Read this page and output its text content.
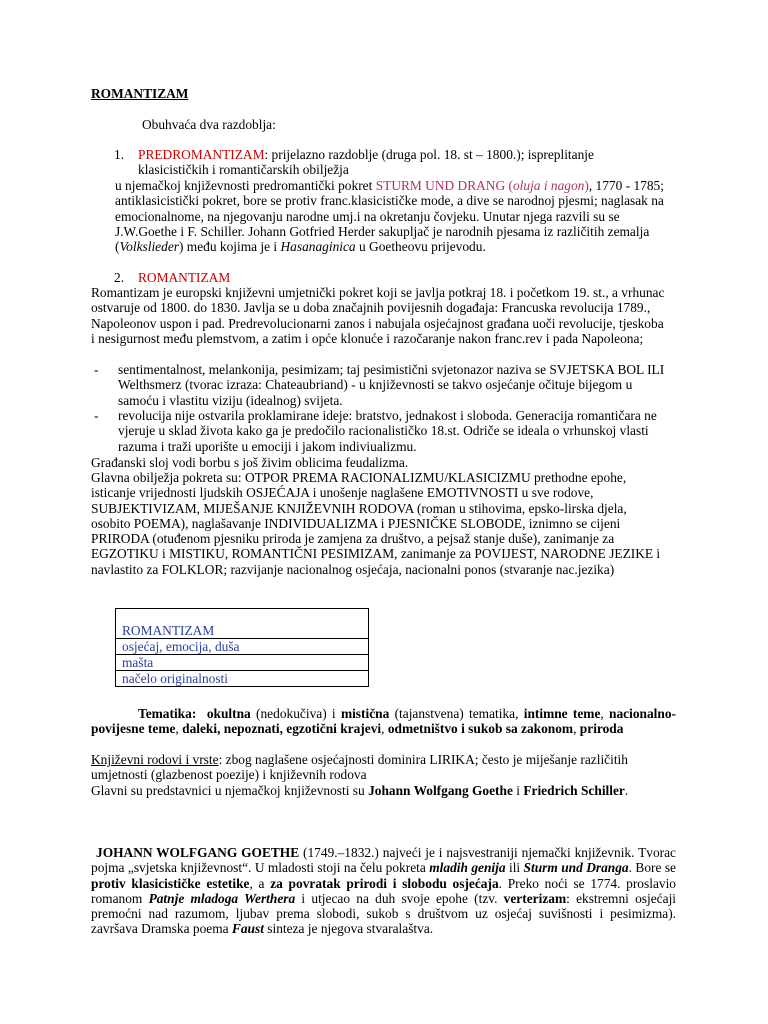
ROMANTIZAM
Obuhvaća dva razdoblja:
1. PREDROMANTIZAM: prijelazno razdoblje (druga pol. 18. st – 1800.); ispreplitanje
klasicističkih i romantičarskih obilježja
u njemačkoj književnosti predromantički pokret STURM UND DRANG (oluja i nagon), 1770 - 1785; antiklasicistički pokret, bore se protiv franc.klasicističke mode, a dive se narodnoj pjesmi; naglasak na emocionalnome, na njegovanju narodne umj.i na okretanju čovjeku. Unutar njega razvili su se J.W.Goethe i F. Schiller. Johann Gotfried Herder sakupljač je narodnih pjesama iz različitih zemalja (Volkslieder) među kojima je i Hasanaginica u Goetheovu prijevodu.
2. ROMANTIZAM
Romantizam je europski književni umjetnički pokret koji se javlja potkraj 18. i početkom 19. st., a vrhunac ostvaruje od 1800. do 1830. Javlja se u doba značajnih povijesnih događaja: Francuska revolucija 1789., Napoleonov uspon i pad. Predrevolucionarni zanos i nabujala osjećajnost građana uoči revolucije, tjeskoba i nesigurnost među plemstvom, a zatim i opće klonuće i razočaranje nakon franc.rev i pada Napoleona;
- sentimentalnost, melankonija, pesimizam; taj pesimistični svjetonazor naziva se SVJETSKA BOL ILI Welthsmerz (tvorac izraza: Chateaubriand) - u književnosti se takvo osjećanje očituje bijegom u samoću i vlastitu viziju (idealnog) svijeta.
- revolucija nije ostvarila proklamirane ideje: bratstvo, jednakost i sloboda. Generacija romantičara ne vjeruje u sklad života kako ga je predočilo racionalističko 18.st. Odriče se ideala o vrhunskoj vlasti razuma i traži uporište u emociji i jakom indiviualizmu.
Građanski sloj vodi borbu s još živim oblicima feudalizma.
Glavna obilježja pokreta su: OTPOR PREMA RACIONALIZMU/KLASICIZMU prethodne epohe, isticanje vrijednosti ljudskih OSJEĆAJA i unošenje naglašene EMOTIVNOSTI u sve rodove, SUBJEKTIVIZAM, MIJEŠANJE KNJIŽEVNIH RODOVA (roman u stihovima, epsko-lirska djela, osobito POEMA), naglašavanje INDIVIDUALIZMA i PJESNIČKE SLOBODE, iznimno se cijeni PRIRODA (otuđenom pjesniku priroda je zamjena za društvo, a pejsaž stanje duše), zanimanje za EGZOTIKU i MISTIKU, ROMANTIČNI PESIMIZAM, zanimanje za POVIJEST, NARODNE JEZIKE i navlastito za FOLKLOR; razvijanje nacionalnog osjećaja, nacionalni ponos (stvaranje nac.jezika)
ROMANTIZAM
osjećaj, emocija, duša
mašta
načelo originalnosti
Tematika: okultna (nedokučiva) i mistična (tajanstvena) tematika, intimne teme, nacionalno-povijesne teme, daleki, nepoznati, egzotični krajevi, odmetništvo i sukob sa zakonom, priroda
Književni rodovi i vrste: zbog naglašene osjećajnosti dominira LIRIKA; često je miješanje različitih umjetnosti (glazbenost poezije) i književnih rodova
Glavni su predstavnici u njemačkoj književnosti su Johann Wolfgang Goethe i Friedrich Schiller.
JOHANN WOLFGANG GOETHE (1749.–1832.) najveći je i najsvestraniji njemački književnik. Tvorac pojma „svjetska književnost“. U mladosti stoji na čelu pokreta mladih genija ili Sturm und Dranga. Bore se protiv klasicističke estetike, a za povratak prirodi i slobodu osjećaja. Preko noći se 1774. proslavio romanom Patnje mladoga Werthera i utjecao na duh svoje epohe (tzv. verterizam: ekstremni osjećaji premoćni nad razumom, ljubav prema slobodi, sukob s društvom uz osjećaj suvišnosti i pesimizma). završava Dramska poema Faust sinteza je njegova stvaralaštva.
